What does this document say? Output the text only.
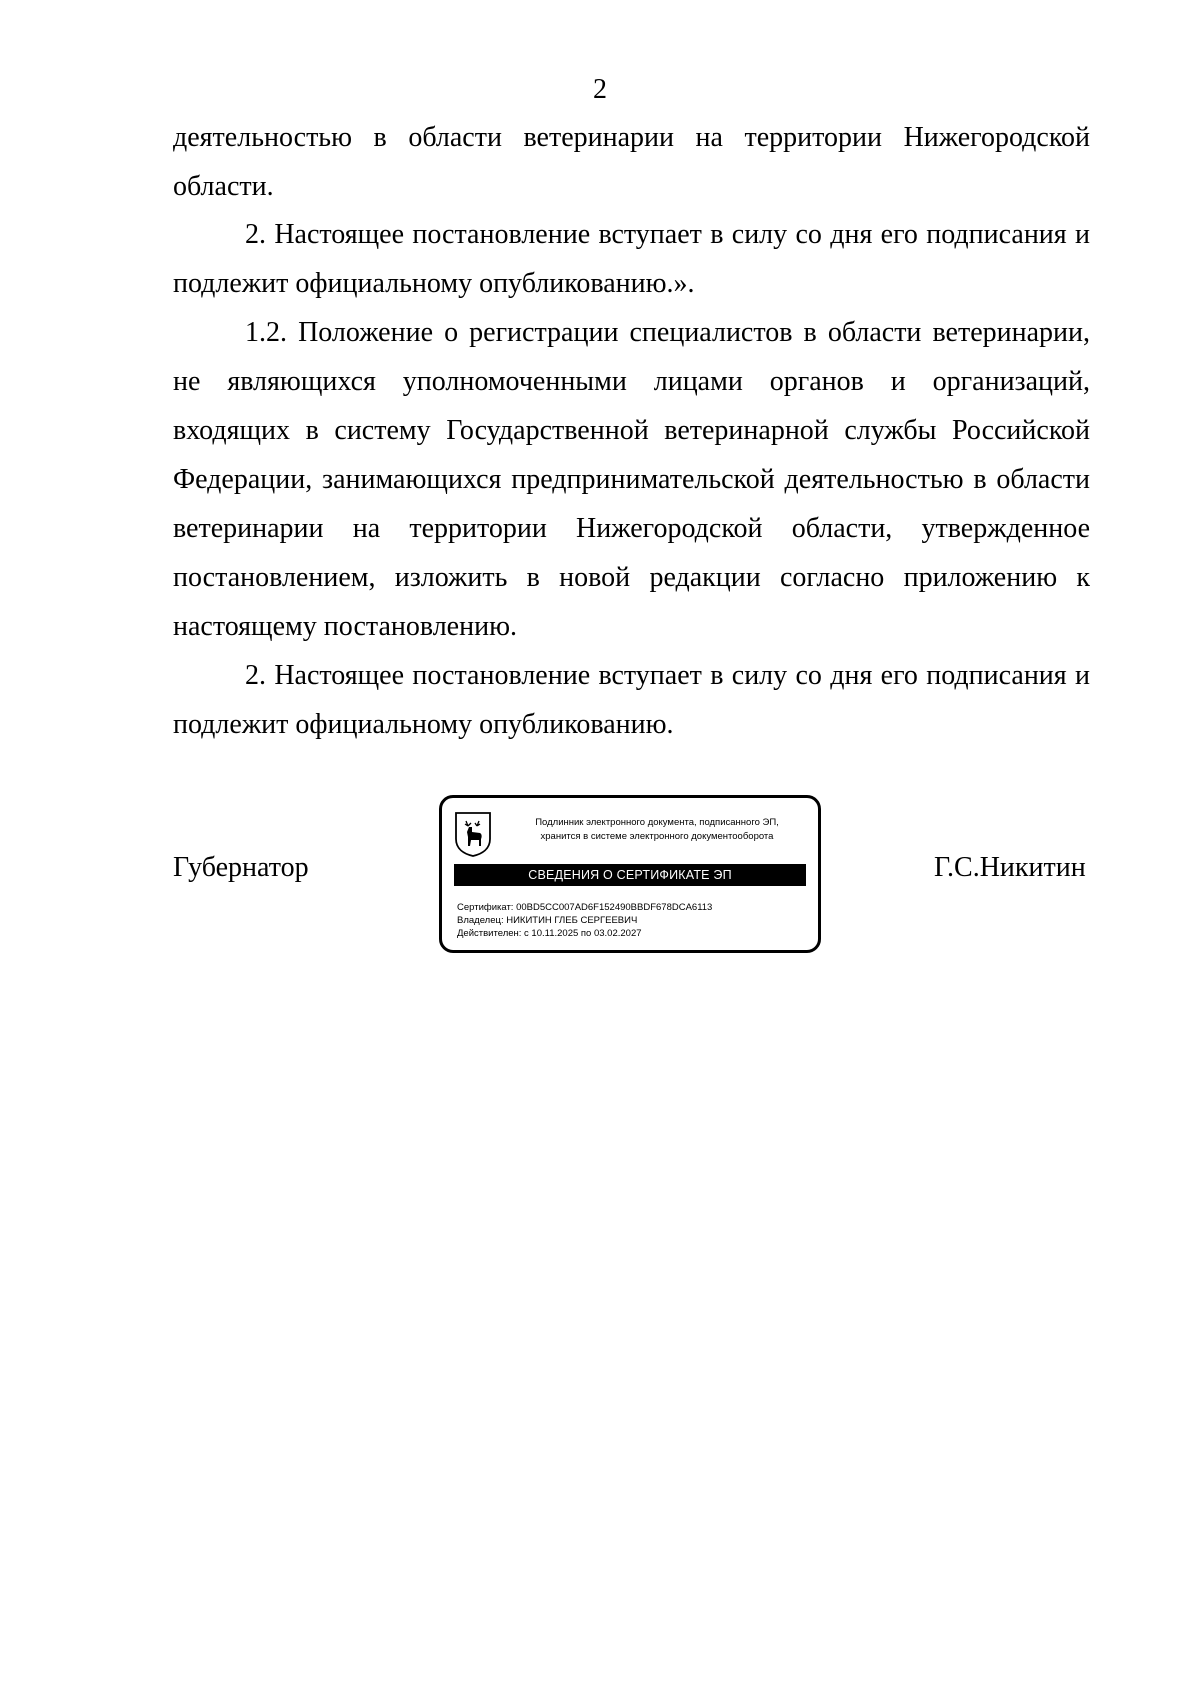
2

деятельностью в области ветеринарии на территории Нижегородской области.

2. Настоящее постановление вступает в силу со дня его подписания и подлежит официальному опубликованию.».

1.2. Положение о регистрации специалистов в области ветеринарии, не являющихся уполномоченными лицами органов и организаций, входящих в систему Государственной ветеринарной службы Российской Федерации, занимающихся предпринимательской деятельностью в области ветеринарии на территории Нижегородской области, утвержденное постановлением, изложить в новой редакции согласно приложению к настоящему постановлению.

2. Настоящее постановление вступает в силу со дня его подписания и подлежит официальному опубликованию.

Губернатор	Г.С.Никитин
Подлинник электронного документа, подписанного ЭП,
хранится в системе электронного документооборота
СВЕДЕНИЯ О СЕРТИФИКАТЕ ЭП
Сертификат: 00BD5CC007AD6F152490BBDF678DCA6113
Владелец: НИКИТИН ГЛЕБ СЕРГЕЕВИЧ
Действителен: с 10.11.2025 по 03.02.2027
